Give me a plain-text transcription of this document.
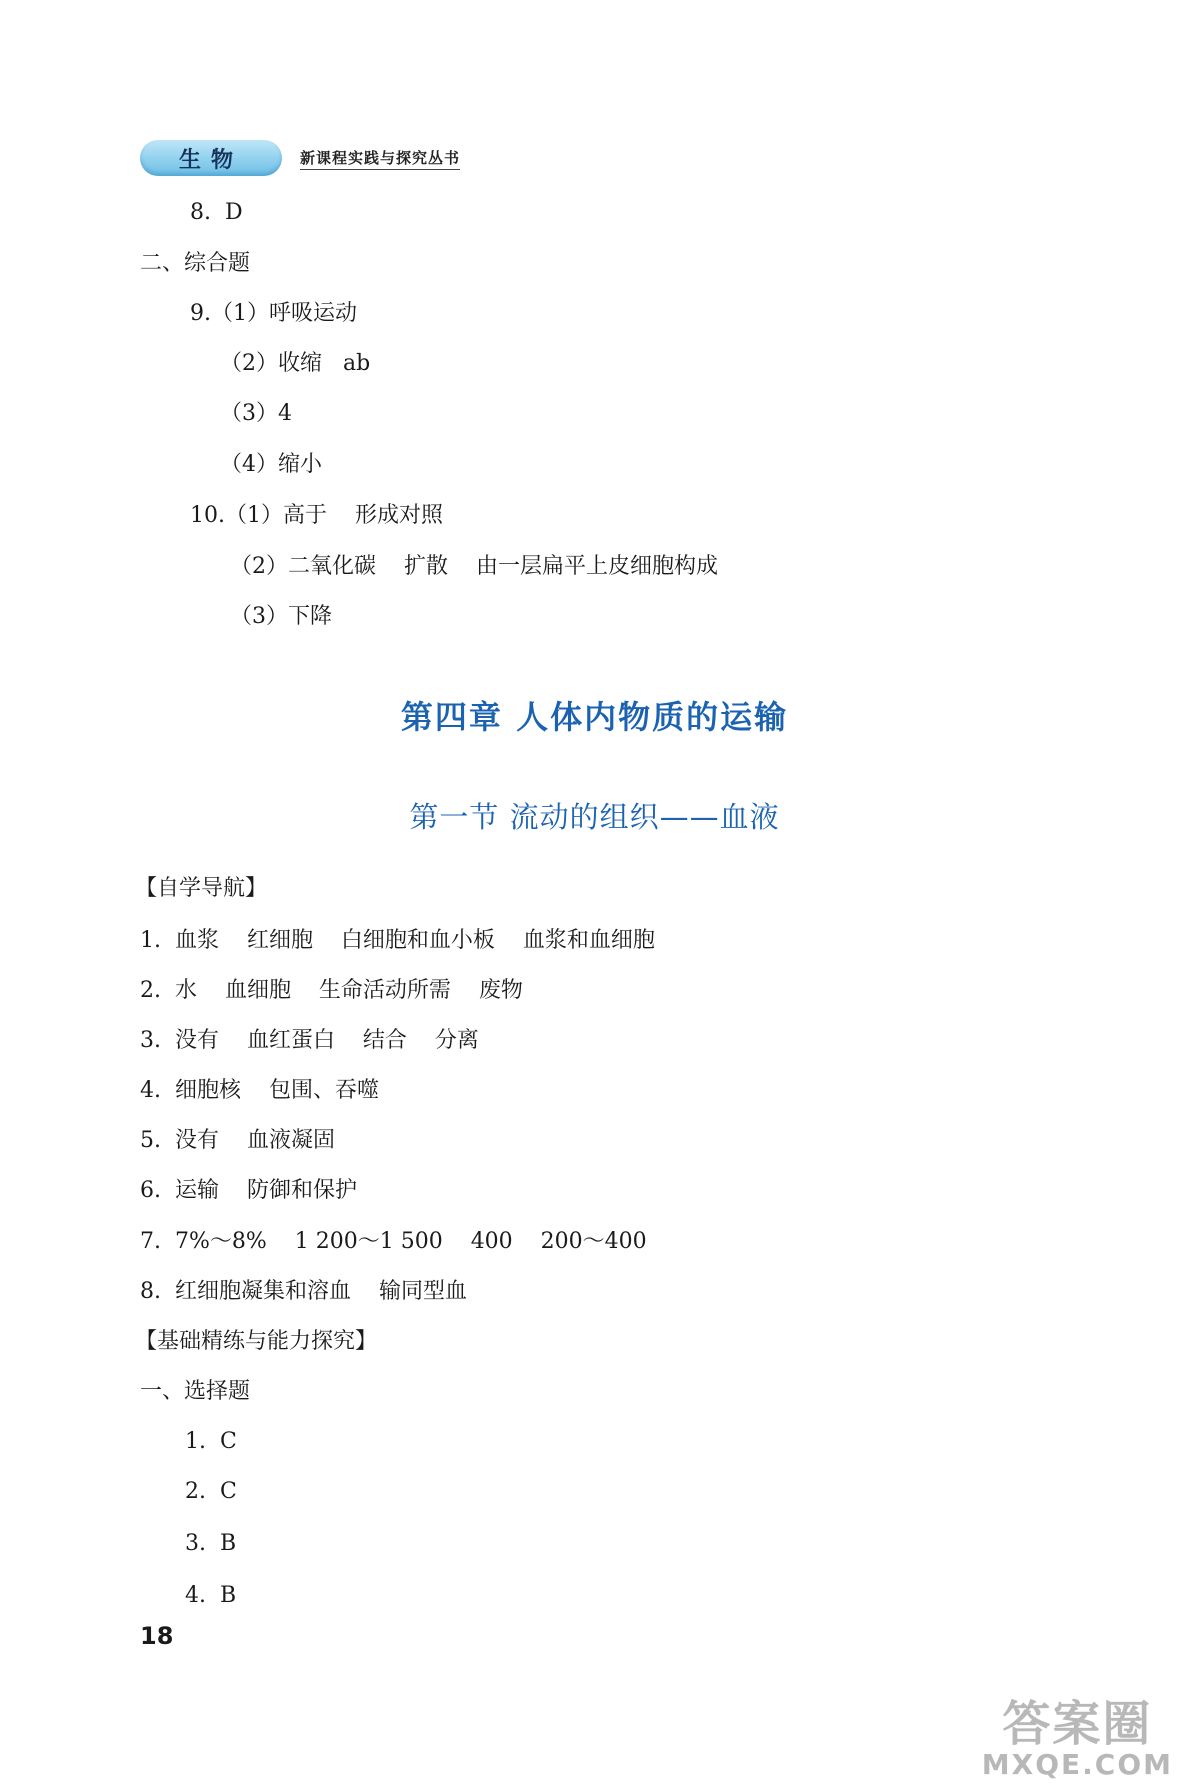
生物	新课程实践与探究丛书
8.  D
二、综合题
9.（1）呼吸运动
（2）收缩   ab
（3）4
（4）缩小
10.（1）高于    形成对照
（2）二氧化碳    扩散    由一层扁平上皮细胞构成
（3）下降
第四章 人体内物质的运输
第一节 流动的组织——血液
【自学导航】
1.  血浆    红细胞    白细胞和血小板    血浆和血细胞
2.  水    血细胞    生命活动所需    废物
3.  没有    血红蛋白    结合    分离
4.  细胞核    包围、吞噬
5.  没有    血液凝固
6.  运输    防御和保护
7.  7%～8%    1 200～1 500    400    200～400
8.  红细胞凝集和溶血    输同型血
【基础精练与能力探究】
一、选择题
1.  C
2.  C
3.  B
4.  B
18
答案圈
MXQE.COM
